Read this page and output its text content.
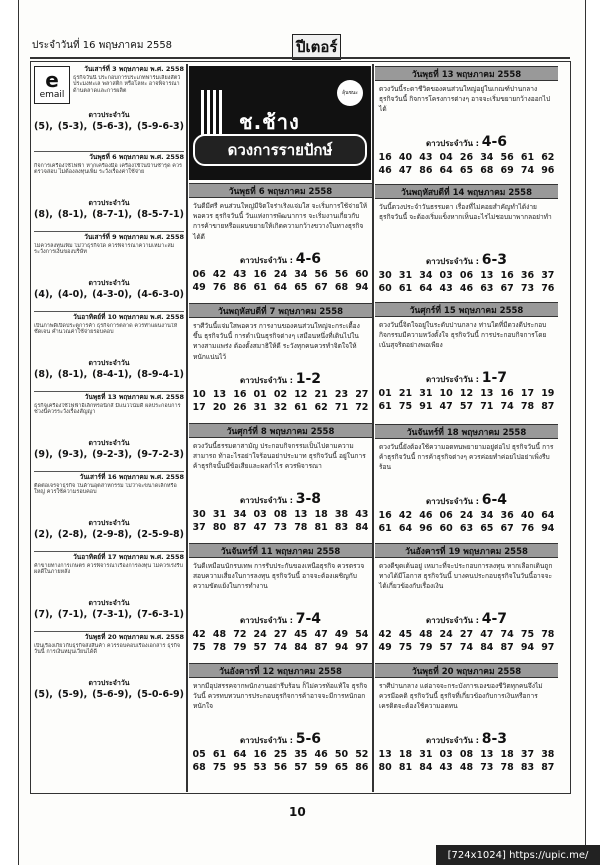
ประจำวันที่ 16 พฤษภาคม 2558	ปีเตอร์
e
email
วันเสาร์ที่ 3 พฤษภาคม พ.ศ. 2558
ธุรกิจวันนี้ ประกอบการประเภทฟาร์มเลี้ยงสัตว์ ประมงทะเล พลาสติก หรือโลหะ อาจพิจารณาด้านตลาดและการผลิต
ดาวประจำวัน
(5), (5-3), (5-6-3), (5-9-6-3)
วันพุธที่ 6 พฤษภาคม พ.ศ. 2558
กิจการเครื่องใช้ไฟฟ้า หากเครื่องมือ เครื่องใช้ในบ้านชำรุด ควรตรวจสอบ ไม่ต้องลงทุนเพิ่ม ระวังเรื่องค่าใช้จ่าย
ดาวประจำวัน
(8), (8-1), (8-7-1), (8-5-7-1)
วันเสาร์ที่ 9 พฤษภาคม พ.ศ. 2558
ไม่ควรลงทุนเพิ่ม ไม่ว่าธุรกิจใด ควรพิจารณาความเหมาะสม ระวังการเงินของบริษัท
ดาวประจำวัน
(4), (4-0), (4-3-0), (4-6-3-0)
วันอาทิตย์ที่ 10 พฤษภาคม พ.ศ. 2558
เป็นภาพดีเปิดประตูการค้า ธุรกิจการตลาด ควรทำแผนงานให้ชัดเจน คำนวณค่าใช้จ่ายรอบคอบ
ดาวประจำวัน
(8), (8-1), (8-4-1), (8-9-4-1)
วันพุธที่ 13 พฤษภาคม พ.ศ. 2558
ธุรกิจเครื่องใช้ไฟฟ้าอิเล็กทรอนิกส์ มีแนวโน้มดี ผลประกอบการช่วงนี้ควรระวังเรื่องสัญญา
ดาวประจำวัน
(9), (9-3), (9-2-3), (9-7-2-3)
วันเสาร์ที่ 16 พฤษภาคม พ.ศ. 2558
ติดต่อเจรจาธุรกิจ ในด้านอุตสาหกรรม ไม่ว่าจะขนาดเล็กหรือใหญ่ ควรใช้ความรอบคอบ
ดาวประจำวัน
(2), (2-8), (2-9-8), (2-5-9-8)
วันอาทิตย์ที่ 17 พฤษภาคม พ.ศ. 2558
ค้าขายทางการเกษตร ควรพิจารณาเรื่องการลงทุน ไม่ควรเร่งรีบ ผลดีในภายหลัง
ดาวประจำวัน
(7), (7-1), (7-3-1), (7-6-3-1)
วันพุธที่ 20 พฤษภาคม พ.ศ. 2558
เป็นเรื่องเกี่ยวกับธุรกิจส่งสินค้า ควรรอบคอบเรื่องเอกสาร ธุรกิจวันนี้ การเงินหมุนเวียนได้ดี
ดาวประจำวัน
(5), (5-9), (5-6-9), (5-0-6-9)
ช.ช้าง
ลุ้นชนะ
ดวงการรายปักษ์
วันพุธที่ 6 พฤษภาคม 2558
วันดีมีศรี คนส่วนใหญ่มีจิตใจร่าเริงแจ่มใส จะเริ่มการใช้จ่ายให้พอควร ธุรกิจวันนี้ วันแห่งการพัฒนาการ จะเริ่มงานเกี่ยวกับการค้าขายหรือแผนขยายให้เกิดความกว้างขวางในทางธุรกิจได้ดี
ดาวประจำวัน : 4-6
06	42	43	16	24	34	56	56	60
49	76	86	61	64	65	67	68	94
วันพฤหัสบดีที่ 7 พฤษภาคม 2558
ราศีวันนี้แจ่มใสพอควร การงานของคนส่วนใหญ่จะกระเตื้องขึ้น ธุรกิจวันนี้ การดำเนินธุรกิจต่างๆ เสมือนหนึ่งที่เดินไปในทางสามแพร่ง ต้องตั้งสมาธิให้ดี ระวังทุกคนควรทำจิตใจให้หนักแน่นไว้
ดาวประจำวัน : 1-2
10	13	16	01	02	12	21	23	27
17	20	26	31	32	61	62	71	72
วันศุกร์ที่ 8 พฤษภาคม 2558
ดวงวันนี้ธรรมดาสามัญ ประกอบกิจกรรมเป็นไปตามความสามารถ ท้าอะไรอย่าใจร้อนอย่าประมาท ธุรกิจวันนี้ อยู่ในการค้าธุรกิจนั้นมีข้อเสียและผลกำไร ควรพิจารณา
ดาวประจำวัน : 3-8
30	31	34	03	08	13	18	38	43
37	80	87	47	73	78	81	83	84
วันจันทร์ที่ 11 พฤษภาคม 2558
วันดีเหมือนนักรบเทพ การรับประกันของเหนือธุรกิจ ควรตรวจสอบความเสี่ยงในการลงทุน ธุรกิจวันนี้ อาจจะต้องเผชิญกับความขัดแย้งในการทำงาน
ดาวประจำวัน : 7-4
42	48	72	24	27	45	47	49	54
75	78	79	57	74	84	87	94	97
วันอังคารที่ 12 พฤษภาคม 2558
หากมีอุปสรรคจากพนักงานอย่ารีบร้อน ก็ไม่ควรท้อแท้ใจ ธุรกิจวันนี้ ควรทบทวนการประกอบธุรกิจการค้าอาจจะมีการหนักอกหนักใจ
ดาวประจำวัน : 5-6
05	61	64	16	25	35	46	50	52
68	75	95	53	56	57	59	65	86
วันพุธที่ 13 พฤษภาคม 2558
ดวงวันนี้ระดาชีวิตของคนส่วนใหญ่อยู่ในเกณฑ์ปานกลาง ธุรกิจวันนี้ กิจการโครงการต่างๆ อาจจะเริ่มขยายกว้างออกไปได้
ดาวประจำวัน : 4-6
16	40	43	04	26	34	56	61	62
46	47	86	64	65	68	69	74	96
วันพฤหัสบดีที่ 14 พฤษภาคม 2558
วันนี้ดวงประจำวันธรรมดา เรื่องที่ไม่คอยสำคัญทำได้ง่าย ธุรกิจวันนี้ จะต้องเริ่มแข็งหากเห็นอะไรไม่ชอบมาพากลอย่าทำ
ดาวประจำวัน : 6-3
30	31	34	03	06	13	16	36	37
60	61	64	43	46	63	67	73	76
วันศุกร์ที่ 15 พฤษภาคม 2558
ดวงวันนี้จิตใจอยู่ในระดับปานกลาง ท่านใดที่มีดวงดีประกอบกิจกรรมมีความหวังตั้งใจ ธุรกิจวันนี้ การประกอบกิจการโดยเน้นสุจริตอย่างพอเพียง
ดาวประจำวัน : 1-7
01	21	31	10	12	13	16	17	19
61	75	91	47	57	71	74	78	87
วันจันทร์ที่ 18 พฤษภาคม 2558
ดวงวันนี้ยังต้องใช้ความอดทนพยายามอยู่ต่อไป ธุรกิจวันนี้ การค้าธุรกิจวันนี้ การค้าธุรกิจต่างๆ ควรค่อยทำค่อยไปอย่าเพิ่งรีบร้อน
ดาวประจำวัน : 6-4
16	42	46	06	24	34	36	40	64
61	64	96	60	63	65	67	76	94
วันอังคารที่ 19 พฤษภาคม 2558
ดวงดีขุดเต้นอยู่ เหมาะที่จะประกอบการลงทุน หากเลือกเดินถูกทางได้มีโอกาส ธุรกิจวันนี้ บางคนประกอบธุรกิจในวันนี้อาจจะได้เกี่ยวข้องกับเรื่องเงิน
ดาวประจำวัน : 4-7
42	45	48	24	27	47	74	75	78
49	75	79	57	74	84	87	94	97
วันพุธที่ 20 พฤษภาคม 2558
ราศีปานกลาง แต่อาจจะกระบังการเองของชีวิตทุกคนจึงไม่ควรมีอคติ ธุรกิจวันนี้ ธุรกิจที่เกี่ยวข้องกับการเงินหรือการเครดิตจะต้องใช้ความอดทน
ดาวประจำวัน : 8-3
13	18	31	03	08	13	18	37	38
80	81	84	43	48	73	78	83	87
10
[724x1024] https://upic.me/
